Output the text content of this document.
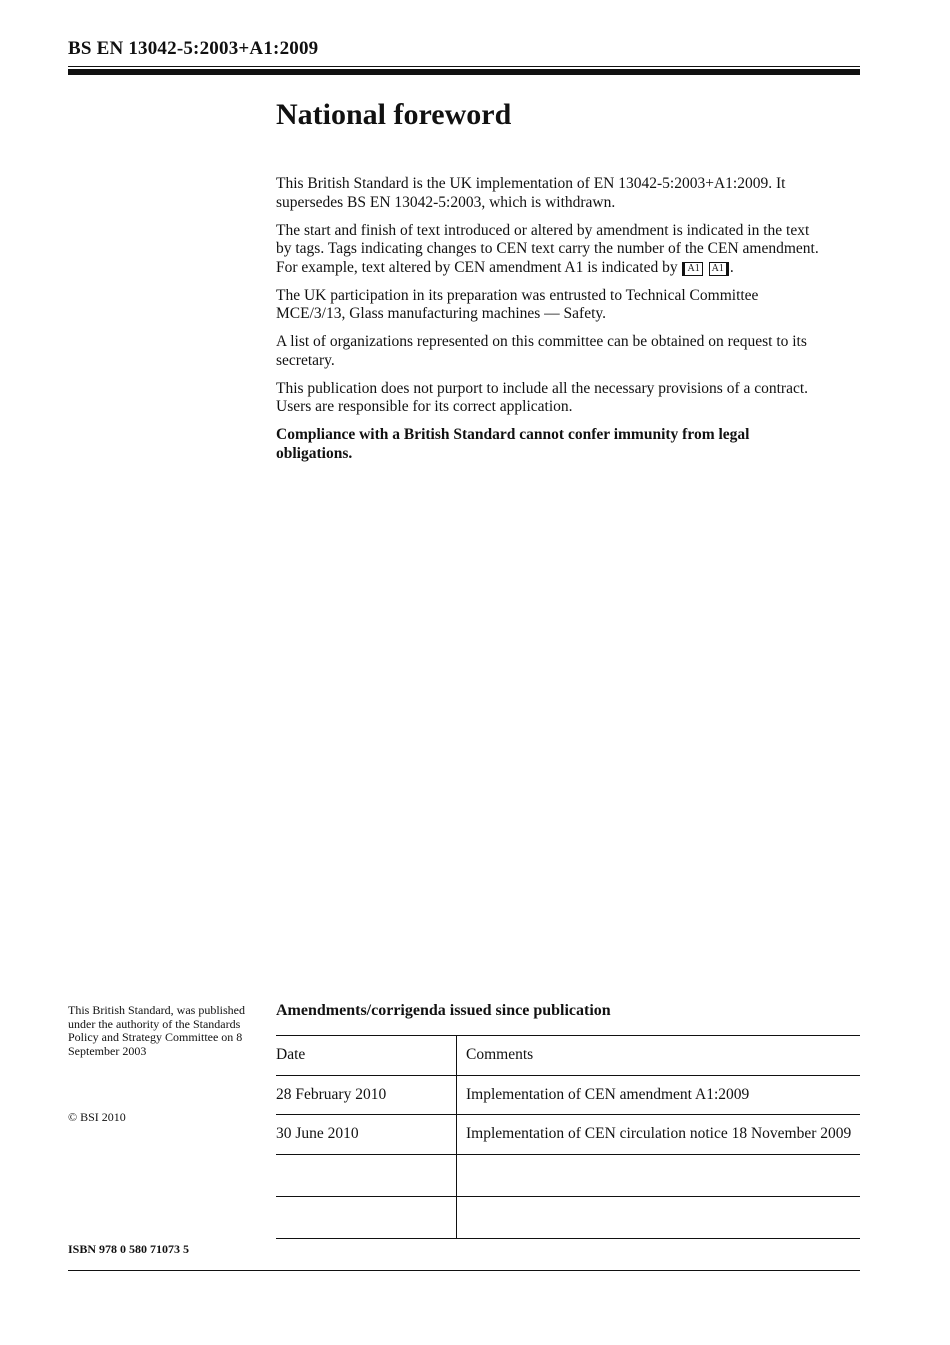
BS EN 13042-5:2003+A1:2009
National foreword

This British Standard is the UK implementation of EN 13042-5:2003+A1:2009. It supersedes BS EN 13042-5:2003, which is withdrawn.

The start and finish of text introduced or altered by amendment is indicated in the text by tags. Tags indicating changes to CEN text carry the number of the CEN amendment. For example, text altered by CEN amendment A1 is indicated by A1 A1 .

The UK participation in its preparation was entrusted to Technical Committee MCE/3/13, Glass manufacturing machines — Safety.

A list of organizations represented on this committee can be obtained on request to its secretary.

This publication does not purport to include all the necessary provisions of a contract. Users are responsible for its correct application.

Compliance with a British Standard cannot confer immunity from legal obligations.

This British Standard, was published under the authority of the Standards Policy and Strategy Committee on 8 September 2003
© BSI 2010
ISBN 978 0 580 71073 5
Amendments/corrigenda issued since publication
Date	Comments
28 February 2010	Implementation of CEN amendment A1:2009
30 June 2010	Implementation of CEN circulation notice 18 November 2009
